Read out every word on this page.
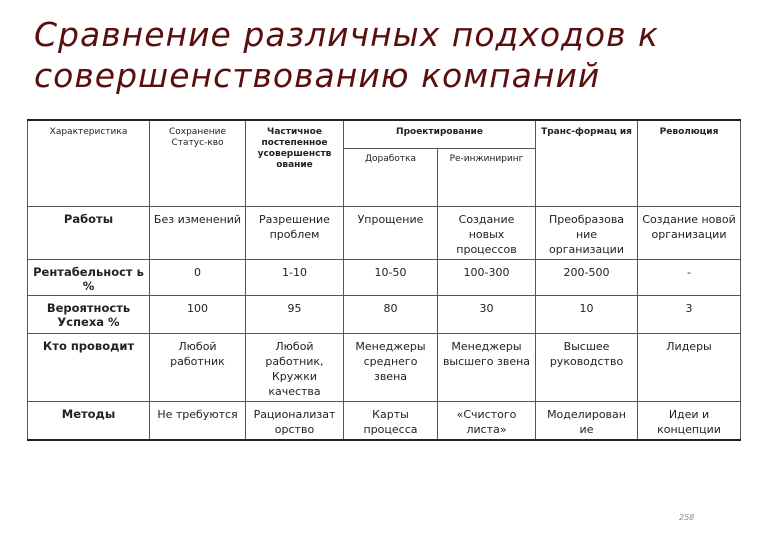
Сравнение различных подходов к совершенствованию компаний
Характеристика	Сохранение Статус-кво	Частичное постепенное усовершенств ование	Проектирование		Транс-формац ия	Революция
			Доработка	Ре-инжиниринг		
Работы	Без изменений	Разрешение проблем	Упрощение	Создание новых процессов	Преобразова ние организации	Создание новой организации
Рентабельност ь %	0	1-10	10-50	100-300	200-500	-
Вероятность Успеха %	100	95	80	30	10	3
Кто проводит	Любой работник	Любой работник, Кружки качества	Менеджеры среднего звена	Менеджеры высшего звена	Высшее руководство	Лидеры
Методы	Не требуются	Рационализат орство	Карты процесса	«Счистого листа»	Моделирован ие	Идеи и концепции
258
